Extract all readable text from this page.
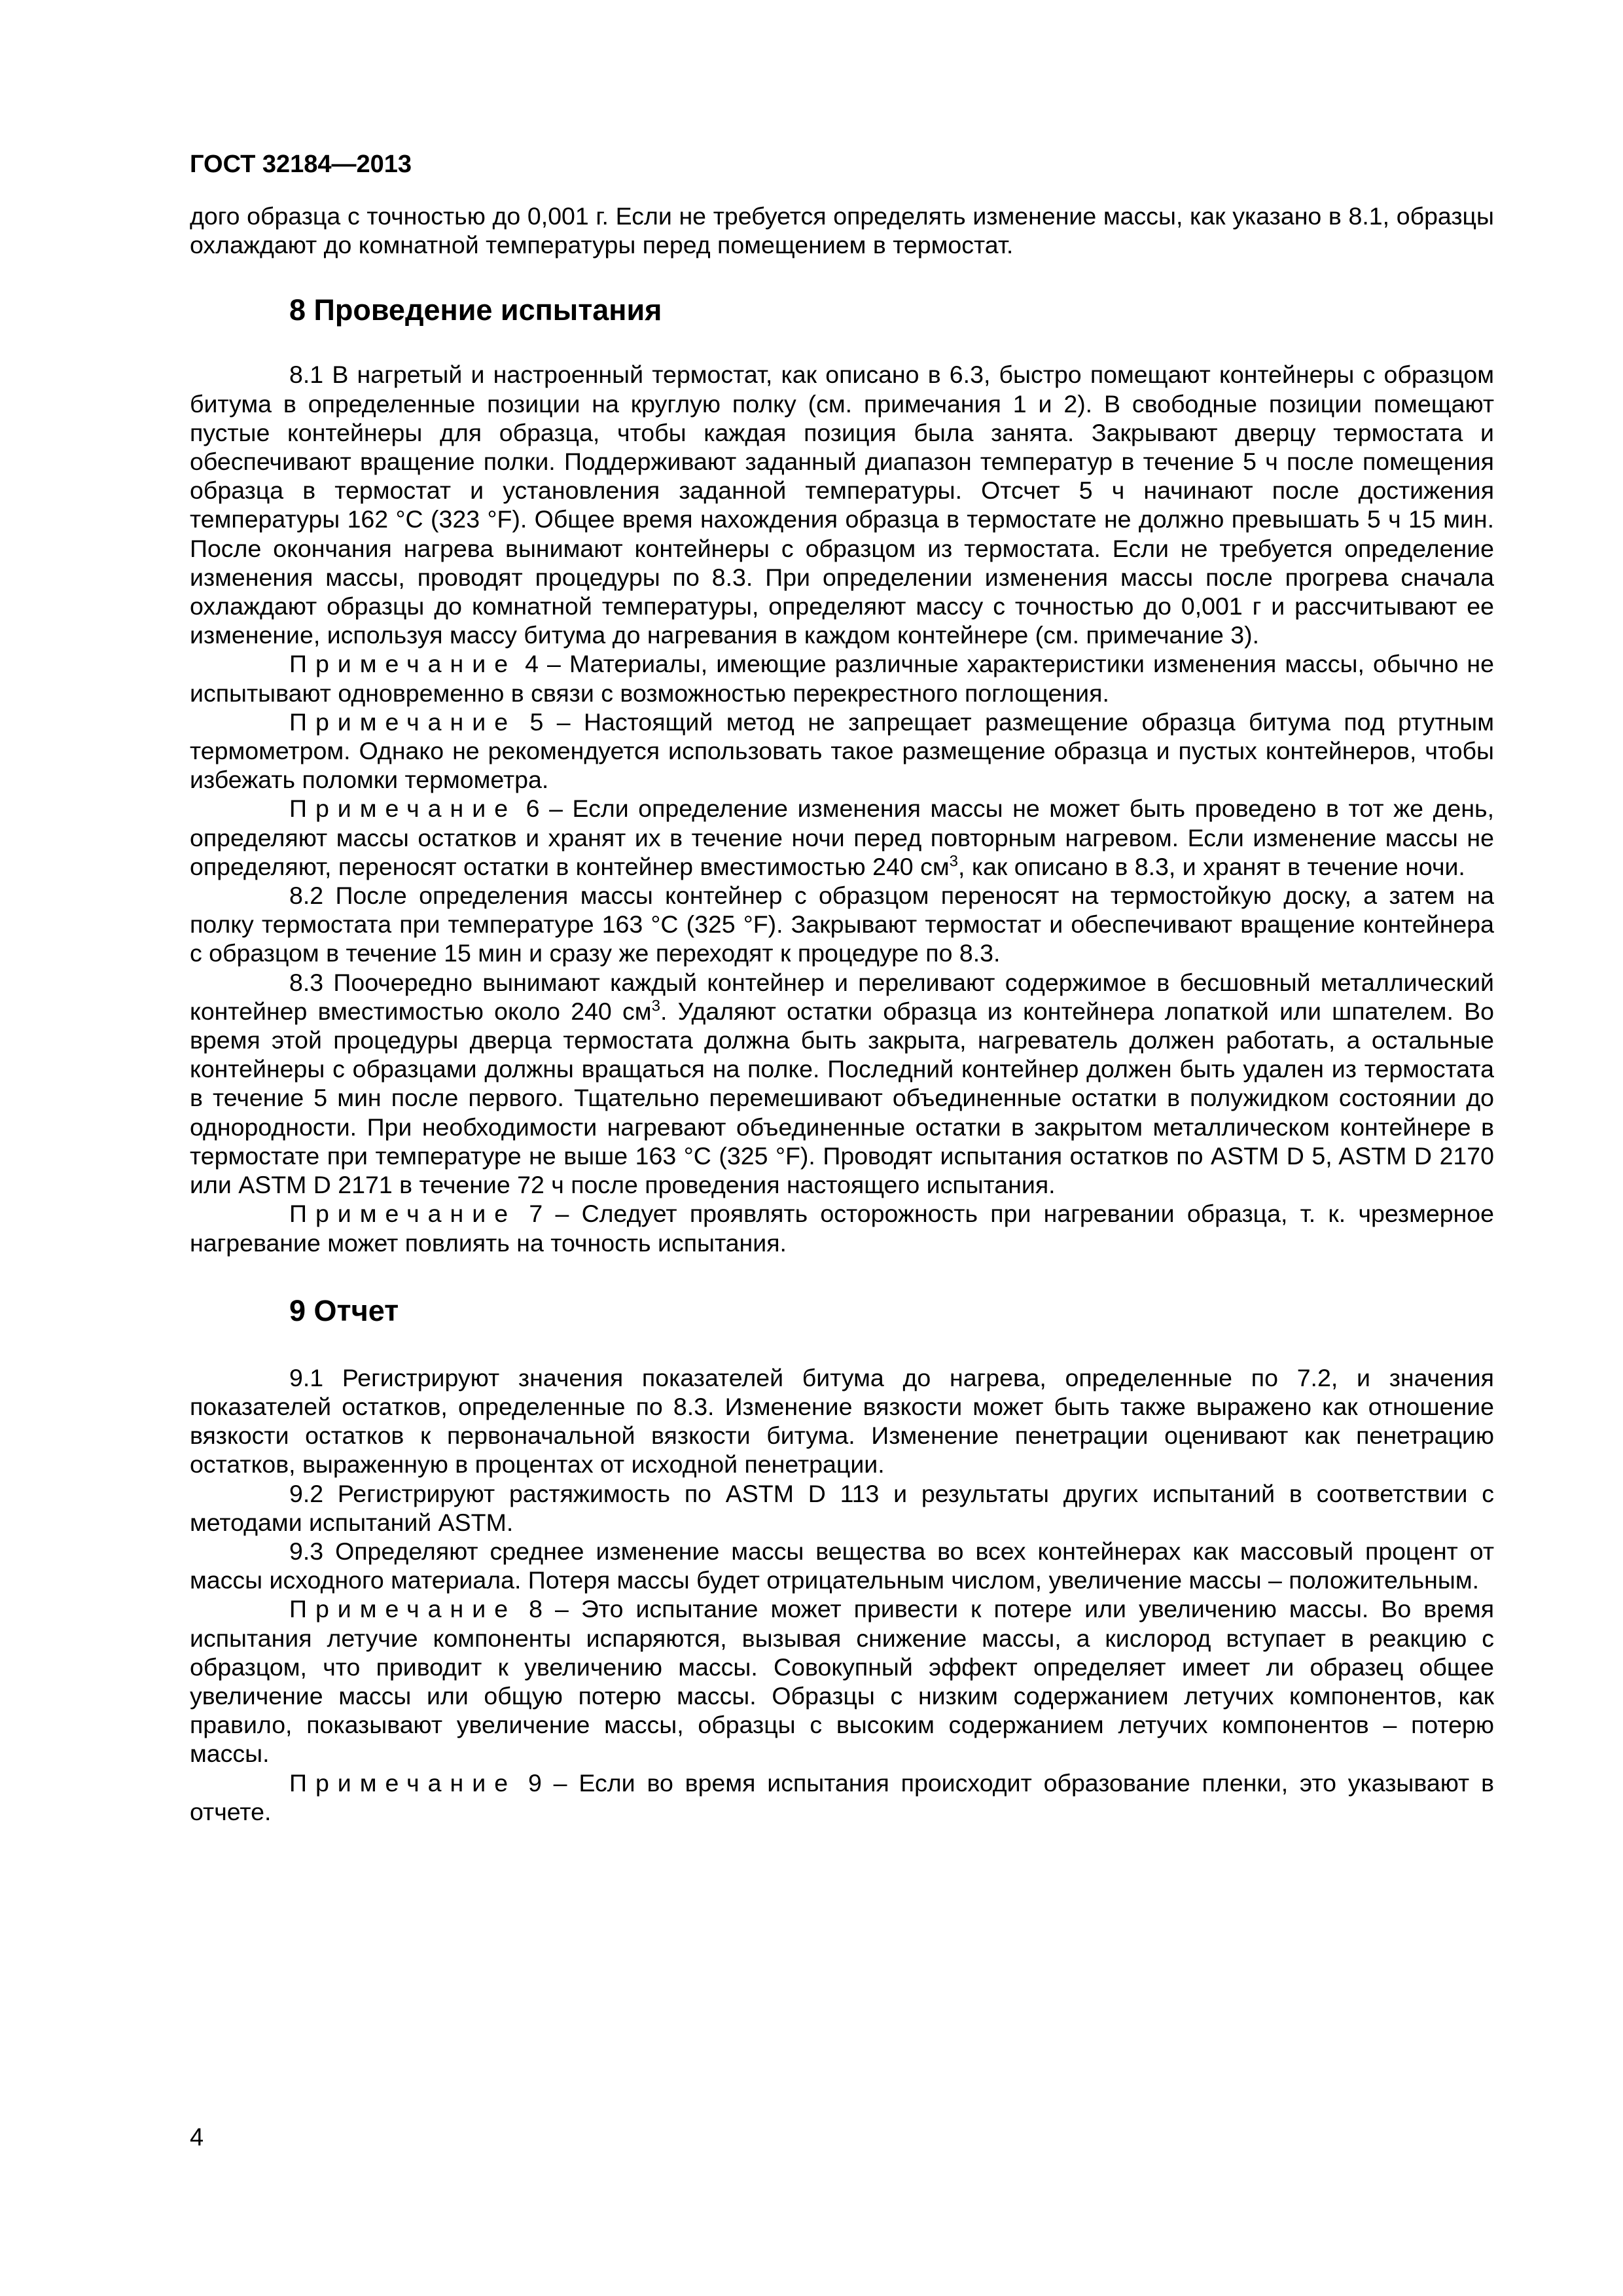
ГОСТ 32184—2013

дого образца с точностью до 0,001 г. Если не требуется определять изменение массы, как указано в 8.1, образцы охлаждают до комнатной температуры перед помещением в термостат.

8 Проведение испытания

8.1 В нагретый и настроенный термостат, как описано в 6.3, быстро помещают контейнеры с образцом битума в определенные позиции на круглую полку (см. примечания 1 и 2). В свободные позиции помещают пустые контейнеры для образца, чтобы каждая позиция была занята. Закрывают дверцу термостата и обеспечивают вращение полки. Поддерживают заданный диапазон температур в течение 5 ч после помещения образца в термостат и установления заданной температуры. Отсчет 5 ч начинают после достижения температуры 162 °C (323 °F). Общее время нахождения образца в термостате не должно превышать 5 ч 15 мин. После окончания нагрева вынимают контейнеры с образцом из термостата. Если не требуется определение изменения массы, проводят процедуры по 8.3. При определении изменения массы после прогрева сначала охлаждают образцы до комнатной температуры, определяют массу с точностью до 0,001 г и рассчитывают ее изменение, используя массу битума до нагревания в каждом контейнере (см. примечание 3).

Примечание 4 – Материалы, имеющие различные характеристики изменения массы, обычно не испытывают одновременно в связи с возможностью перекрестного поглощения.

Примечание 5 – Настоящий метод не запрещает размещение образца битума под ртутным термометром. Однако не рекомендуется использовать такое размещение образца и пустых контейнеров, чтобы избежать поломки термометра.

Примечание 6 – Если определение изменения массы не может быть проведено в тот же день, определяют массы остатков и хранят их в течение ночи перед повторным нагревом. Если изменение массы не определяют, переносят остатки в контейнер вместимостью 240 $см^3$, как описано в 8.3, и хранят в течение ночи.

8.2 После определения массы контейнер с образцом переносят на термостойкую доску, а затем на полку термостата при температуре 163 °C (325 °F). Закрывают термостат и обеспечивают вращение контейнера с образцом в течение 15 мин и сразу же переходят к процедуре по 8.3.

8.3 Поочередно вынимают каждый контейнер и переливают содержимое в бесшовный металлический контейнер вместимостью около 240 $см^3$. Удаляют остатки образца из контейнера лопаткой или шпателем. Во время этой процедуры дверца термостата должна быть закрыта, нагреватель должен работать, а остальные контейнеры с образцами должны вращаться на полке. Последний контейнер должен быть удален из термостата в течение 5 мин после первого. Тщательно перемешивают объединенные остатки в полужидком состоянии до однородности. При необходимости нагревают объединенные остатки в закрытом металлическом контейнере в термостате при температуре не выше 163 °C (325 °F). Проводят испытания остатков по ASTM D 5, ASTM D 2170 или ASTM D 2171 в течение 72 ч после проведения настоящего испытания.

Примечание 7 – Следует проявлять осторожность при нагревании образца, т. к. чрезмерное нагревание может повлиять на точность испытания.

9 Отчет

9.1 Регистрируют значения показателей битума до нагрева, определенные по 7.2, и значения показателей остатков, определенные по 8.3. Изменение вязкости может быть также выражено как отношение вязкости остатков к первоначальной вязкости битума. Изменение пенетрации оценивают как пенетрацию остатков, выраженную в процентах от исходной пенетрации.

9.2 Регистрируют растяжимость по ASTM D 113 и результаты других испытаний в соответствии с методами испытаний ASTM.

9.3 Определяют среднее изменение массы вещества во всех контейнерах как массовый процент от массы исходного материала. Потеря массы будет отрицательным числом, увеличение массы – положительным.

Примечание 8 – Это испытание может привести к потере или увеличению массы. Во время испытания летучие компоненты испаряются, вызывая снижение массы, а кислород вступает в реакцию с образцом, что приводит к увеличению массы. Совокупный эффект определяет имеет ли образец общее увеличение массы или общую потерю массы. Образцы с низким содержанием летучих компонентов, как правило, показывают увеличение массы, образцы с высоким содержанием летучих компонентов – потерю массы.

Примечание 9 – Если во время испытания происходит образование пленки, это указывают в отчете.

4
